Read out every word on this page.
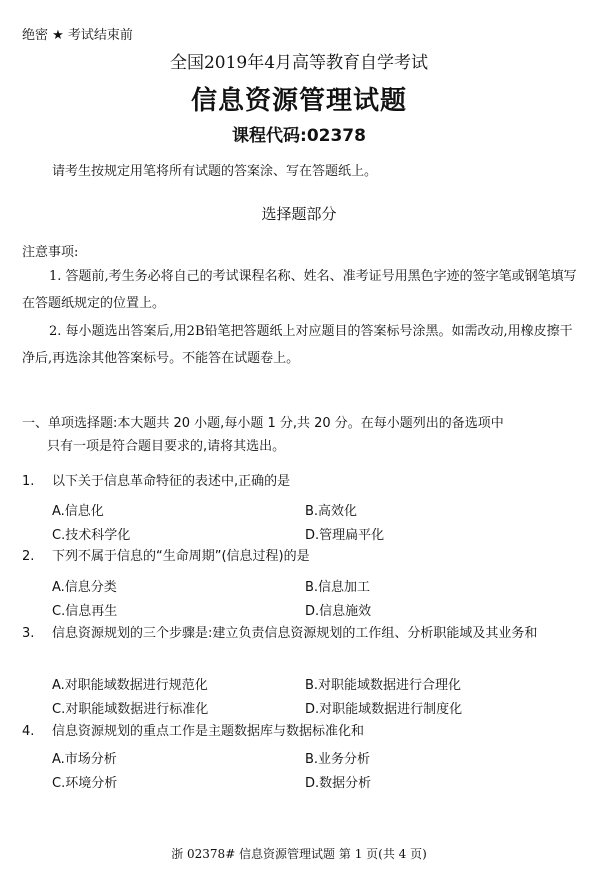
绝密 ★ 考试结束前
全国2019年4月高等教育自学考试
信息资源管理试题
课程代码:02378
请考生按规定用笔将所有试题的答案涂、写在答题纸上。
选择题部分
注意事项:
1. 答题前,考生务必将自己的考试课程名称、姓名、准考证号用黑色字迹的签字笔或钢笔填写在答题纸规定的位置上。
2. 每小题选出答案后,用2B铅笔把答题纸上对应题目的答案标号涂黑。如需改动,用橡皮擦干净后,再选涂其他答案标号。不能答在试题卷上。
一、单项选择题:本大题共 20 小题,每小题 1 分,共 20 分。在每小题列出的备选项中
只有一项是符合题目要求的,请将其选出。
1. 以下关于信息革命特征的表述中,正确的是
A.信息化	B.高效化
C.技术科学化	D.管理扁平化
2. 下列不属于信息的“生命周期”(信息过程)的是
A.信息分类	B.信息加工
C.信息再生	D.信息施效
3. 信息资源规划的三个步骤是:建立负责信息资源规划的工作组、分析职能域及其业务和
A.对职能域数据进行规范化	B.对职能域数据进行合理化
C.对职能域数据进行标准化	D.对职能域数据进行制度化
4. 信息资源规划的重点工作是主题数据库与数据标准化和
A.市场分析	B.业务分析
C.环境分析	D.数据分析
浙 02378# 信息资源管理试题 第 1 页(共 4 页)
